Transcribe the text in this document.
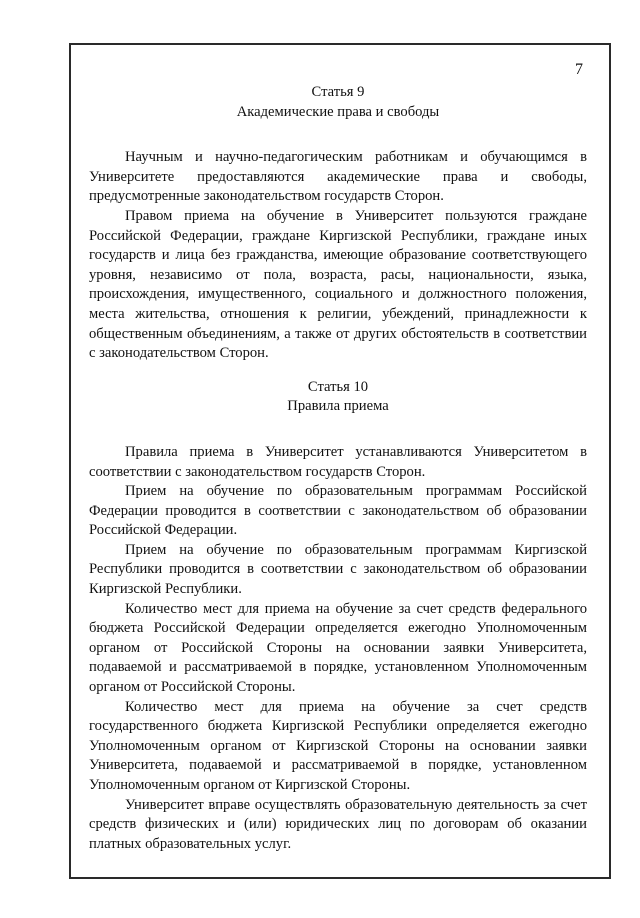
7

Статья 9

Академические права и свободы

Научным и научно-педагогическим работникам и обучающимся в Университете предоставляются академические права и свободы, предусмотренные законодательством государств Сторон.

Правом приема на обучение в Университет пользуются граждане Российской Федерации, граждане Киргизской Республики, граждане иных государств и лица без гражданства, имеющие образование соответствующего уровня, независимо от пола, возраста, расы, национальности, языка, происхождения, имущественного, социального и должностного положения, места жительства, отношения к религии, убеждений, принадлежности к общественным объединениям, а также от других обстоятельств в соответствии с законодательством Сторон.

Статья 10

Правила приема

Правила приема в Университет устанавливаются Университетом в соответствии с законодательством государств Сторон.

Прием на обучение по образовательным программам Российской Федерации проводится в соответствии с законодательством об образовании Российской Федерации.

Прием на обучение по образовательным программам Киргизской Республики проводится в соответствии с законодательством об образовании Киргизской Республики.

Количество мест для приема на обучение за счет средств федерального бюджета Российской Федерации определяется ежегодно Уполномоченным органом от Российской Стороны на основании заявки Университета, подаваемой и рассматриваемой в порядке, установленном Уполномоченным органом от Российской Стороны.

Количество мест для приема на обучение за счет средств государственного бюджета Киргизской Республики определяется ежегодно Уполномоченным органом от Киргизской Стороны на основании заявки Университета, подаваемой и рассматриваемой в порядке, установленном Уполномоченным органом от Киргизской Стороны.

Университет вправе осуществлять образовательную деятельность за счет средств физических и (или) юридических лиц по договорам об оказании платных образовательных услуг.
